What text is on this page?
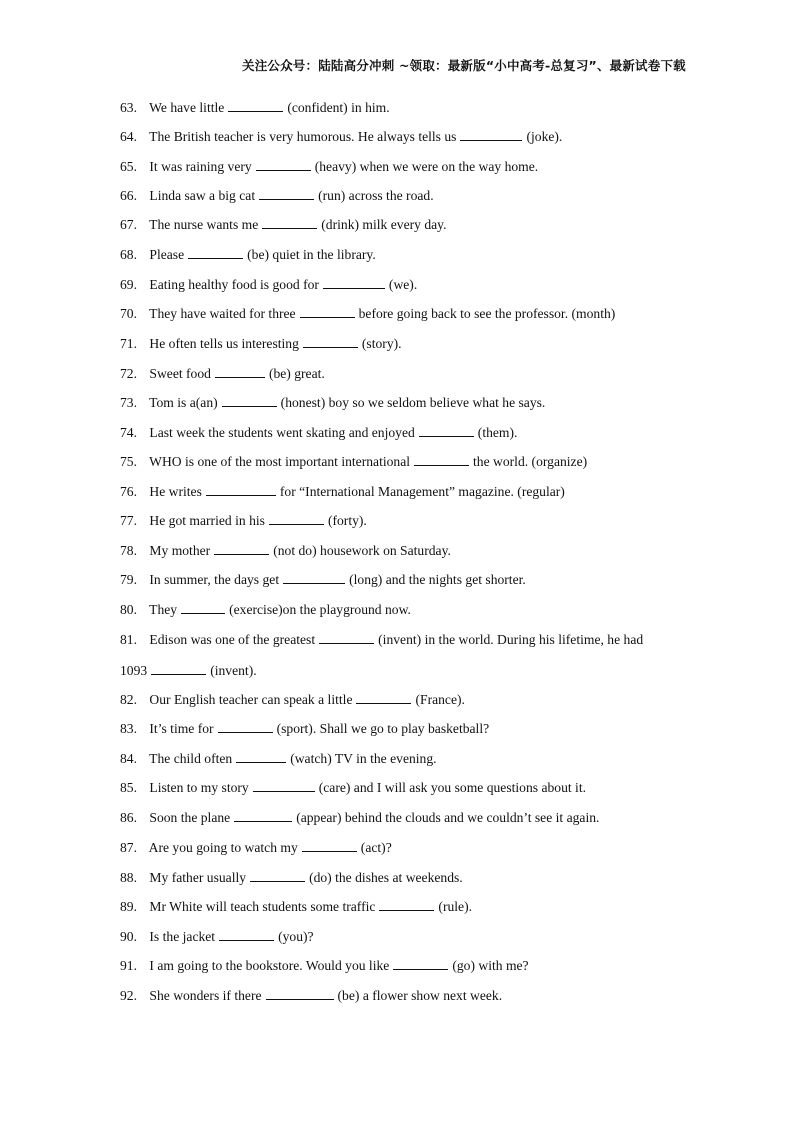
关注公众号：陆陆高分冲刺 ~领取：最新版“小中高考-总复习”、最新试卷下载
63. We have little	(confident) in him.
64. The British teacher is very humorous. He always tells us	(joke).
65. It was raining very	(heavy) when we were on the way home.
66. Linda saw a big cat	(run) across the road.
67. The nurse wants me	(drink) milk every day.
68. Please	(be) quiet in the library.
69. Eating healthy food is good for	(we).
70. They have waited for three	before going back to see the professor. (month)
71. He often tells us interesting	(story).
72. Sweet food	(be) great.
73. Tom is a(an)	(honest) boy so we seldom believe what he says.
74. Last week the students went skating and enjoyed	(them).
75. WHO is one of the most important international	the world. (organize)
76. He writes	for “International Management” magazine. (regular)
77. He got married in his	(forty).
78. My mother	(not do) housework on Saturday.
79. In summer, the days get	(long) and the nights get shorter.
80. They	(exercise)on the playground now.
81. Edison was one of the greatest	(invent) in the world. During his lifetime, he had
1093	(invent).
82. Our English teacher can speak a little	(France).
83. It’s time for	(sport). Shall we go to play basketball?
84. The child often	(watch) TV in the evening.
85. Listen to my story	(care) and I will ask you some questions about it.
86. Soon the plane	(appear) behind the clouds and we couldn’t see it again.
87. Are you going to watch my	(act)?
88. My father usually	(do) the dishes at weekends.
89. Mr White will teach students some traffic	(rule).
90. Is the jacket	(you)?
91. I am going to the bookstore. Would you like	(go) with me?
92. She wonders if there	(be) a flower show next week.
